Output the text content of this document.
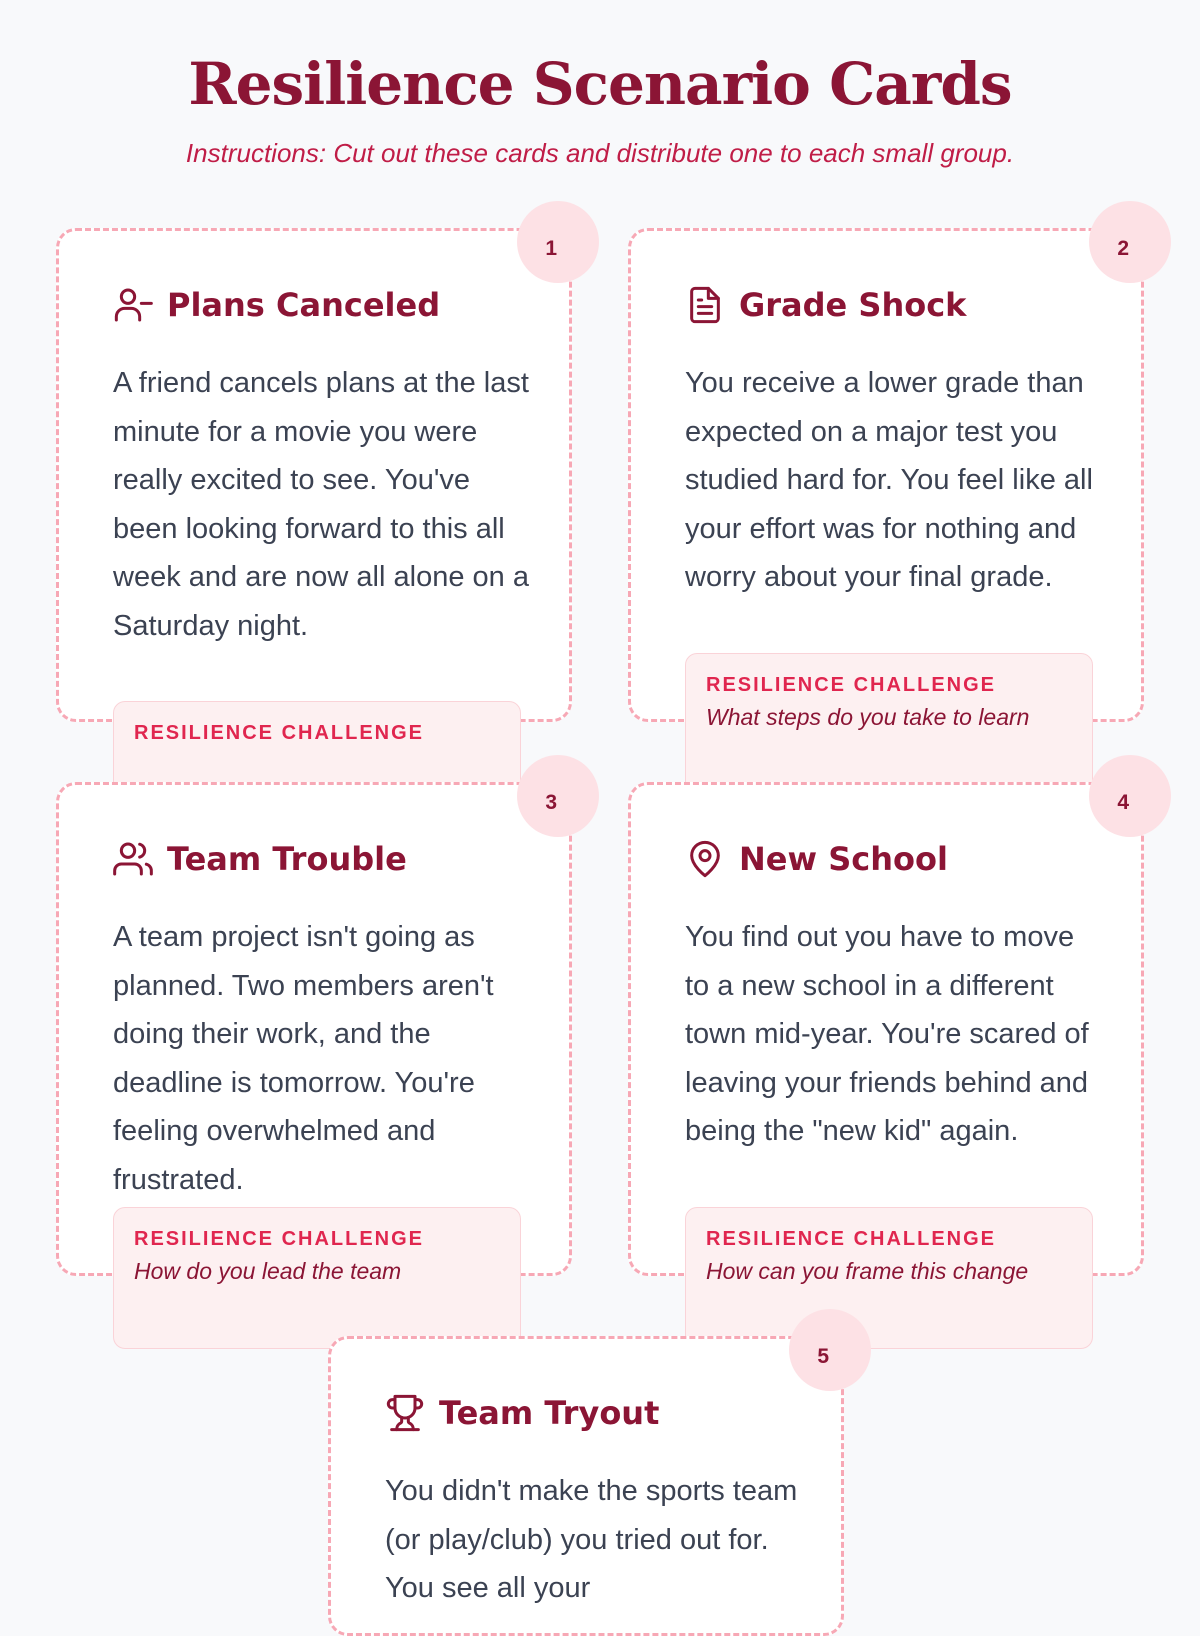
Resilience Scenario Cards

Instructions: Cut out these cards and distribute one to each small group.

1
Plans Canceled

A friend cancels plans at the last minute for a movie you were really excited to see. You've been looking forward to this all week and are now all alone on a Saturday night.

RESILIENCE CHALLENGE
2
Grade Shock

You receive a lower grade than expected on a major test you studied hard for. You feel like all your effort was for nothing and worry about your final grade.

RESILIENCE CHALLENGE
What steps do you take to learn
3
Team Trouble

A team project isn't going as planned. Two members aren't doing their work, and the deadline is tomorrow. You're feeling overwhelmed and frustrated.

RESILIENCE CHALLENGE
How do you lead the team
4
New School

You find out you have to move to a new school in a different town mid-year. You're scared of leaving your friends behind and being the "new kid" again.

RESILIENCE CHALLENGE
How can you frame this change
5
Team Tryout

You didn't make the sports team (or play/club) you tried out for. You see all your
